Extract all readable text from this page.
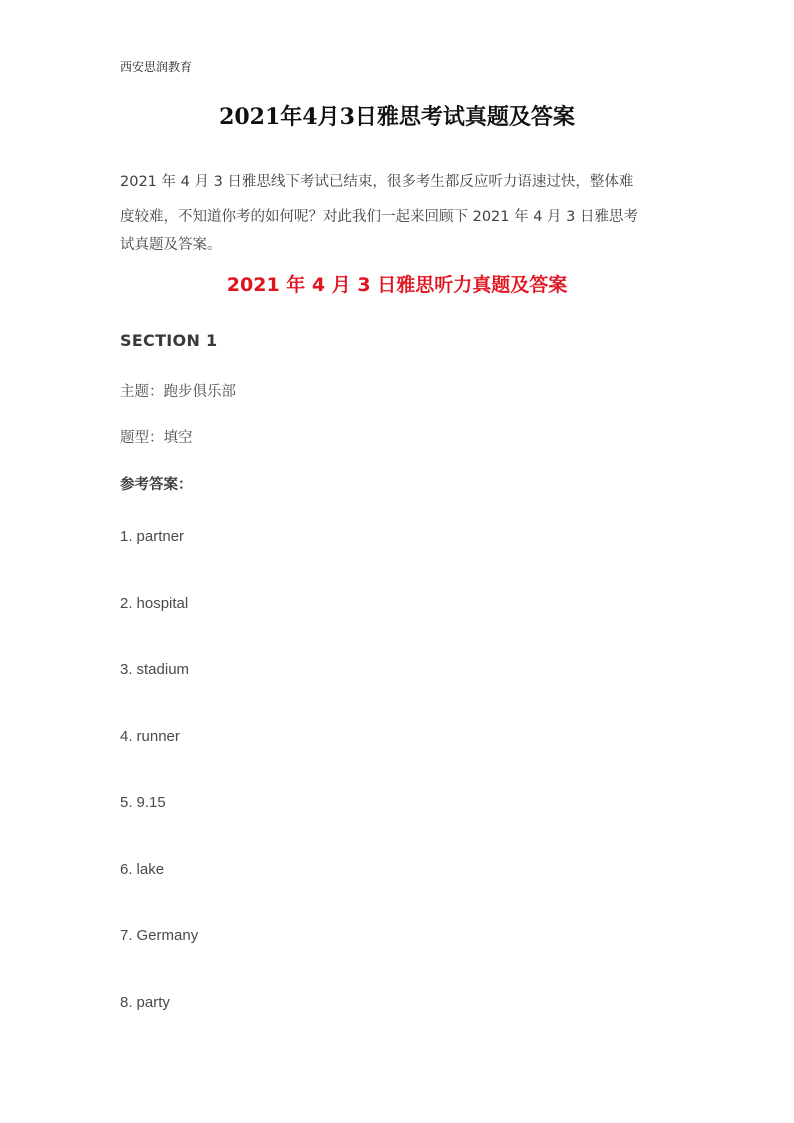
西安思润教育
2021年4月3日雅思考试真题及答案
2021 年 4 月 3 日雅思线下考试已结束，很多考生都反应听力语速过快，整体难
度较难，不知道你考的如何呢？对此我们一起来回顾下 2021 年 4 月 3 日雅思考
试真题及答案。
2021 年 4 月 3 日雅思听力真题及答案
SECTION 1
主题：跑步俱乐部
题型：填空
参考答案：
1. partner
2. hospital
3. stadium
4. runner
5. 9.15
6. lake
7. Germany
8. party
